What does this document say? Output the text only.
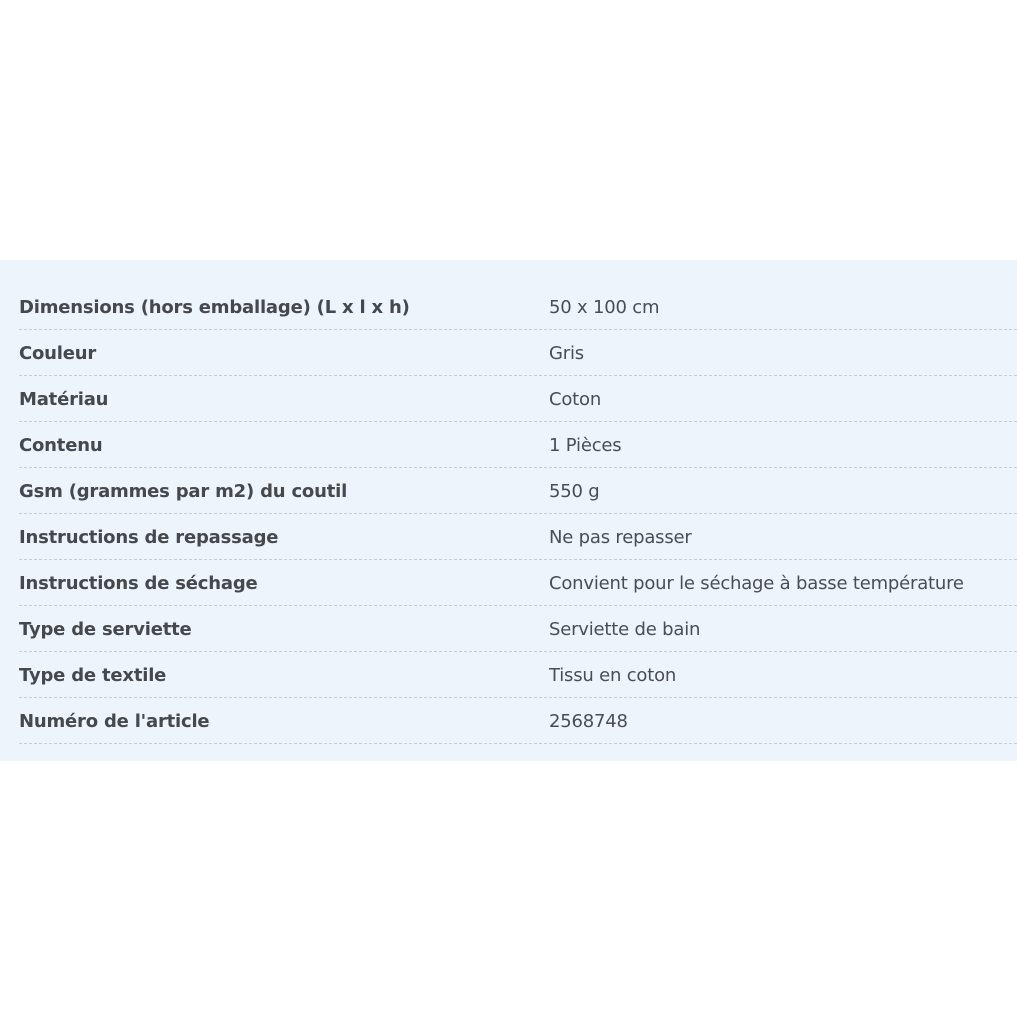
Dimensions (hors emballage) (L x l x h)	50 x 100 cm
Couleur	Gris
Matériau	Coton
Contenu	1 Pièces
Gsm (grammes par m2) du coutil	550 g
Instructions de repassage	Ne pas repasser
Instructions de séchage	Convient pour le séchage à basse température
Type de serviette	Serviette de bain
Type de textile	Tissu en coton
Numéro de l'article	2568748
